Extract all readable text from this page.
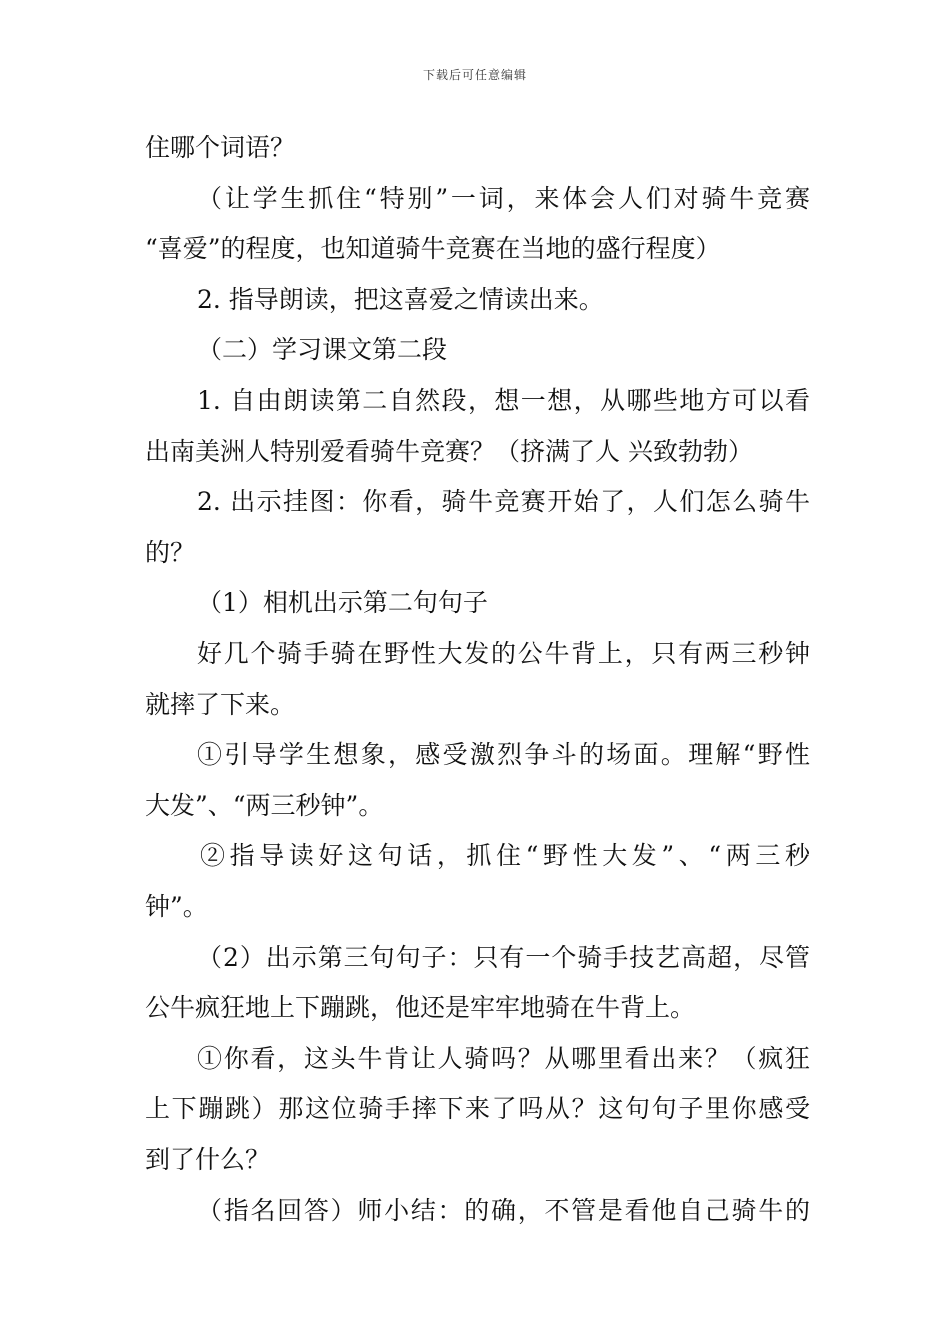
下载后可任意编辑
住哪个词语？
（让学生抓住“特别”一词，来体会人们对骑牛竞赛
“喜爱”的程度，也知道骑牛竞赛在当地的盛行程度）
2. 指导朗读，把这喜爱之情读出来。
（二）学习课文第二段
1. 自由朗读第二自然段，想一想，从哪些地方可以看
出南美洲人特别爱看骑牛竞赛？（挤满了人 兴致勃勃）
2. 出示挂图：你看，骑牛竞赛开始了，人们怎么骑牛
的？
（1）相机出示第二句句子
好几个骑手骑在野性大发的公牛背上，只有两三秒钟
就摔了下来。
①引导学生想象，感受激烈争斗的场面。理解“野性
大发”、“两三秒钟”。
②指导读好这句话，抓住“野性大发”、“两三秒
钟”。
（2）出示第三句句子：只有一个骑手技艺高超，尽管
公牛疯狂地上下蹦跳，他还是牢牢地骑在牛背上。
①你看，这头牛肯让人骑吗？从哪里看出来？（疯狂
上下蹦跳）那这位骑手摔下来了吗从？这句句子里你感受
到了什么？
（指名回答）师小结：的确，不管是看他自己骑牛的
